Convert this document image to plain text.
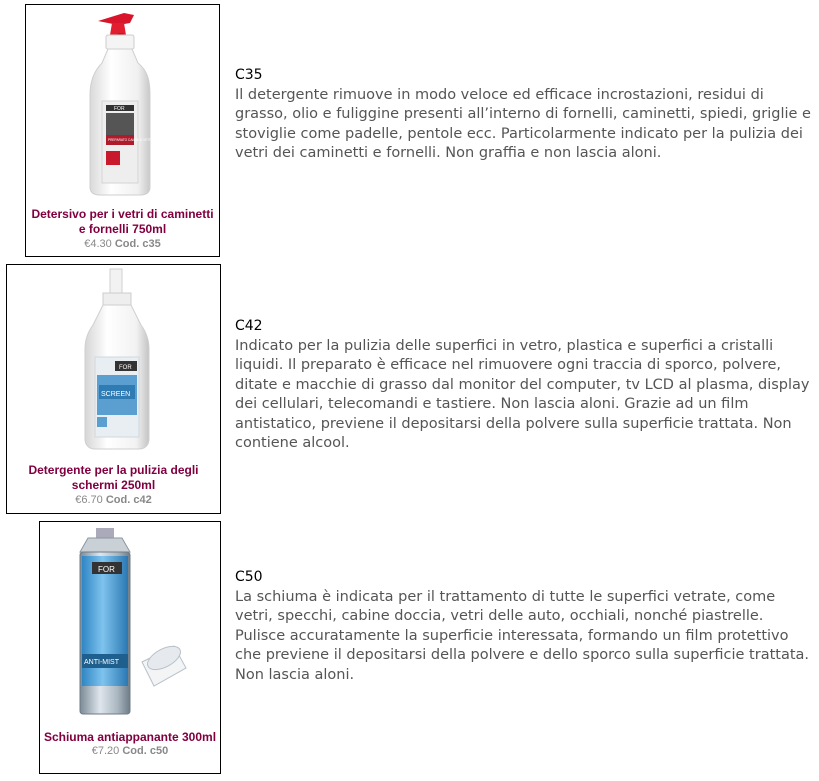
FOR
PREPARATO CAMINI & VETRI
Detersivo per i vetri di caminetti e fornelli 750ml
€4.30 Cod. c35
C35
Il detergente rimuove in modo veloce ed efficace incrostazioni, residui di grasso, olio e fuliggine presenti all’interno di fornelli, caminetti, spiedi, griglie e stoviglie come padelle, pentole ecc. Particolarmente indicato per la pulizia dei vetri dei caminetti e fornelli. Non graffia e non lascia aloni.
FOR
SCREEN
Detergente per la pulizia degli schermi 250ml
€6.70 Cod. c42
C42
Indicato per la pulizia delle superfici in vetro, plastica e superfici a cristalli liquidi. Il preparato è efficace nel rimuovere ogni traccia di sporco, polvere, ditate e macchie di grasso dal monitor del computer, tv LCD al plasma, display dei cellulari, telecomandi e tastiere. Non lascia aloni. Grazie ad un film antistatico, previene il depositarsi della polvere sulla superficie trattata. Non contiene alcool.
FOR
ANTI-MIST
Schiuma antiappanante 300ml
€7.20 Cod. c50
C50
La schiuma è indicata per il trattamento di tutte le superfici vetrate, come vetri, specchi, cabine doccia, vetri delle auto, occhiali, nonché piastrelle. Pulisce accuratamente la superficie interessata, formando un film protettivo che previene il depositarsi della polvere e dello sporco sulla superficie trattata. Non lascia aloni.
